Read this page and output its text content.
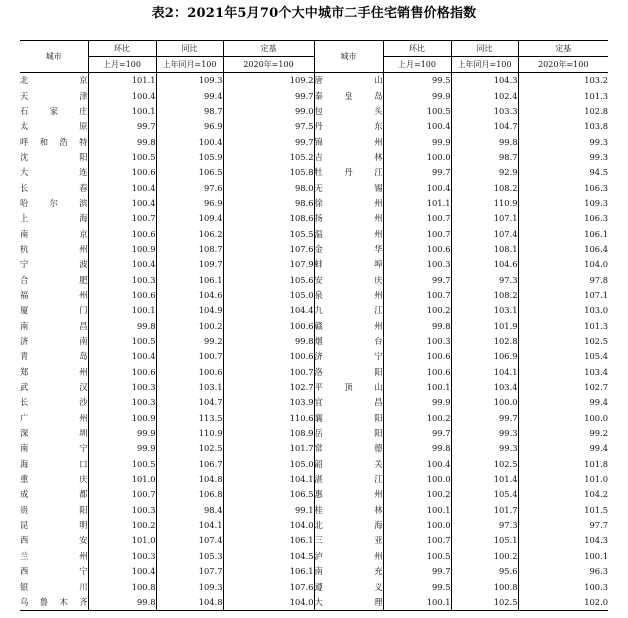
表2：2021年5月70个大中城市二手住宅销售价格指数
城市	环比	同比	定基	城市	环比	同比	定基
	上月=100	上年同月=100	2020年=100		上月=100	上年同月=100	2020年=100
北　　京	101.1	109.3	109.2	唐　　山	99.5	104.3	103.2
天　　津	100.4	99.4	99.7	秦皇岛	99.9	102.4	101.3
石家庄	100.1	98.7	99.0	包　　头	100.5	103.3	102.8
太　　原	99.7	96.9	97.5	丹　　东	100.4	104.7	103.8
呼和浩特	99.8	100.4	99.7	锦　　州	99.9	99.8	99.3
沈　　阳	100.5	105.9	105.2	吉　　林	100.0	98.7	99.3
大　　连	100.6	106.5	105.8	牡丹江	99.7	92.9	94.5
长　　春	100.4	97.6	98.0	无　　锡	100.4	108.2	106.3
哈尔滨	100.4	96.9	98.6	徐　　州	101.1	110.9	109.3
上　　海	100.7	109.4	108.6	扬　　州	100.7	107.1	106.3
南　　京	100.6	106.2	105.5	温　　州	100.7	107.4	106.1
杭　　州	100.9	108.7	107.6	金　　华	100.6	108.1	106.4
宁　　波	100.4	109.7	107.9	蚌　　埠	100.3	104.6	104.0
合　　肥	100.3	106.1	105.6	安　　庆	99.7	97.3	97.8
福　　州	100.6	104.6	105.0	泉　　州	100.7	108.2	107.1
厦　　门	100.1	104.9	104.4	九　　江	100.2	103.1	103.0
南　　昌	99.8	100.2	100.6	赣　　州	99.8	101.9	101.3
济　　南	100.5	99.2	99.8	烟　　台	100.3	102.8	102.5
青　　岛	100.4	100.7	100.6	济　　宁	100.6	106.9	105.4
郑　　州	100.6	100.6	100.7	洛　　阳	100.6	104.1	103.4
武　　汉	100.3	103.1	102.7	平顶山	100.1	103.4	102.7
长　　沙	100.3	104.7	103.9	宜　　昌	99.9	100.0	99.4
广　　州	100.9	113.5	110.6	襄　　阳	100.2	99.7	100.0
深　　圳	99.9	110.9	108.9	岳　　阳	99.7	99.3	99.2
南　　宁	99.9	102.5	101.7	常　　德	99.8	99.3	99.4
海　　口	100.5	106.7	105.0	韶　　关	100.4	102.5	101.8
重　　庆	101.0	104.8	104.1	湛　　江	100.0	101.4	101.0
成　　都	100.7	106.8	106.5	惠　　州	100.2	105.4	104.2
贵　　阳	100.3	98.4	99.1	桂　　林	100.1	101.7	101.5
昆　　明	100.2	104.1	104.0	北　　海	100.0	97.3	97.7
西　　安	101.0	107.4	106.1	三　　亚	100.7	105.1	104.3
兰　　州	100.3	105.3	104.5	泸　　州	100.5	100.2	100.1
西　　宁	100.4	107.7	106.1	南　　充	99.7	95.6	96.3
银　　川	100.8	109.3	107.6	遵　　义	99.5	100.8	100.3
乌鲁木齐	99.8	104.8	104.0	大　　理	100.1	102.5	102.0
